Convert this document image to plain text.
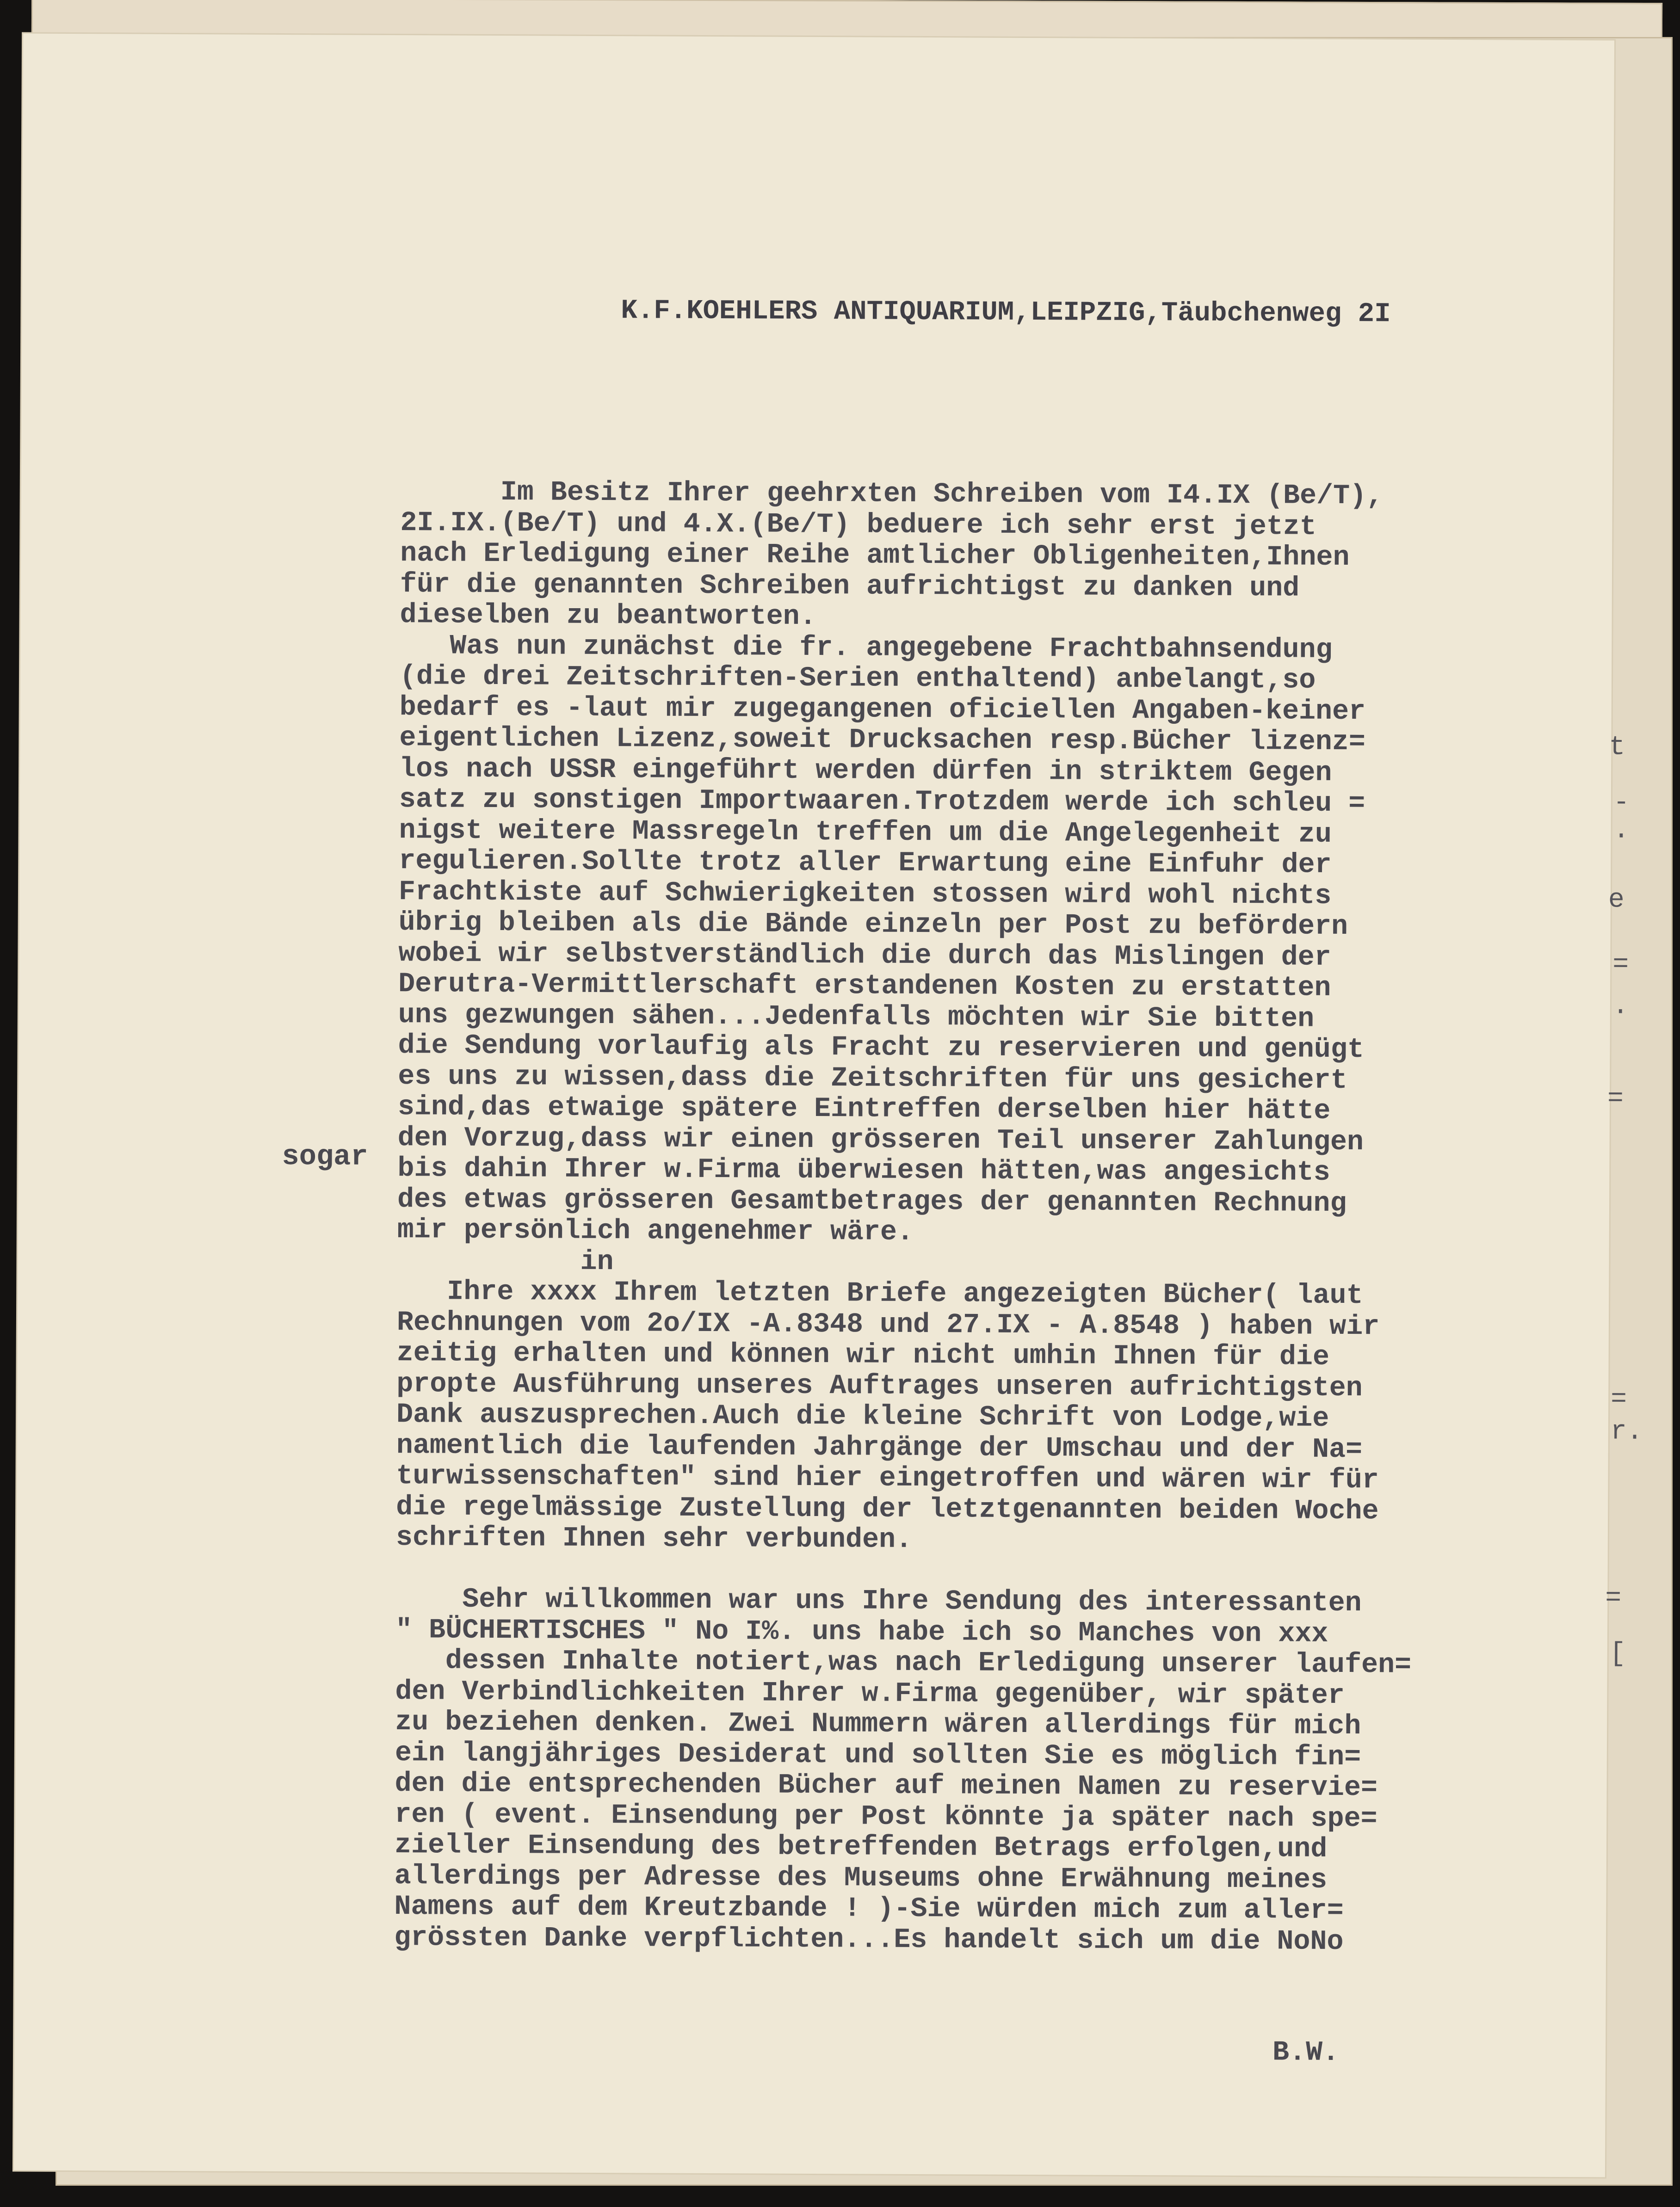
K.F.KOEHLERS ANTIQUARIUM,LEIPZIG,Täubchenweg 2I
sogar
Im Besitz Ihrer geehrxten Schreiben vom I4.IX (Be/T),
2I.IX.(Be/T) und 4.X.(Be/T) beduere ich sehr erst jetzt
nach Erledigung einer Reihe amtlicher Obligenheiten,Ihnen
für die genannten Schreiben aufrichtigst zu danken und
dieselben zu beantworten.
Was nun zunächst die fr. angegebene Frachtbahnsendung
(die drei Zeitschriften-Serien enthaltend) anbelangt,so
bedarf es -laut mir zugegangenen oficiellen Angaben-keiner
eigentlichen Lizenz,soweit Drucksachen resp.Bücher lizenz=
los nach USSR eingeführt werden dürfen in striktem Gegen
satz zu sonstigen Importwaaren.Trotzdem werde ich schleu =
nigst weitere Massregeln treffen um die Angelegenheit zu
regulieren.Sollte trotz aller Erwartung eine Einfuhr der
Frachtkiste auf Schwierigkeiten stossen wird wohl nichts
übrig bleiben als die Bände einzeln per Post zu befördern
wobei wir selbstverständlich die durch das Mislingen der
Derutra-Vermittlerschaft erstandenen Kosten zu erstatten
uns gezwungen sähen...Jedenfalls möchten wir Sie bitten
die Sendung vorlaufig als Fracht zu reservieren und genügt
es uns zu wissen,dass die Zeitschriften für uns gesichert
sind,das etwaige spätere Eintreffen derselben hier hätte
den Vorzug,dass wir einen grösseren Teil unserer Zahlungen
bis dahin Ihrer w.Firma überwiesen hätten,was angesichts
des etwas grösseren Gesamtbetrages der genannten Rechnung
mir persönlich angenehmer wäre.
in
Ihre xxxx Ihrem letzten Briefe angezeigten Bücher( laut
Rechnungen vom 2o/IX -A.8348 und 27.IX - A.8548 ) haben wir
zeitig erhalten und können wir nicht umhin Ihnen für die
propte Ausführung unseres Auftrages unseren aufrichtigsten
Dank auszusprechen.Auch die kleine Schrift von Lodge,wie
namentlich die laufenden Jahrgänge der Umschau und der Na=
turwissenschaften" sind hier eingetroffen und wären wir für
die regelmässige Zustellung der letztgenannten beiden Woche
schriften Ihnen sehr verbunden.

Sehr willkommen war uns Ihre Sendung des interessanten
" BÜCHERTISCHES " No I%. uns habe ich so Manches von xxx
dessen Inhalte notiert,was nach Erledigung unserer laufen=
den Verbindlichkeiten Ihrer w.Firma gegenüber, wir später
zu beziehen denken. Zwei Nummern wären allerdings für mich
ein langjähriges Desiderat und sollten Sie es möglich fin=
den die entsprechenden Bücher auf meinen Namen zu reservie=
ren ( event. Einsendung per Post könnte ja später nach spe=
zieller Einsendung des betreffenden Betrags erfolgen,und
allerdings per Adresse des Museums ohne Erwähnung meines
Namens auf dem Kreutzbande ! )-Sie würden mich zum aller=
grössten Danke verpflichten...Es handelt sich um die NoNo
B.W.
t
-
.
e
=
.
=
=
r.
=
[
